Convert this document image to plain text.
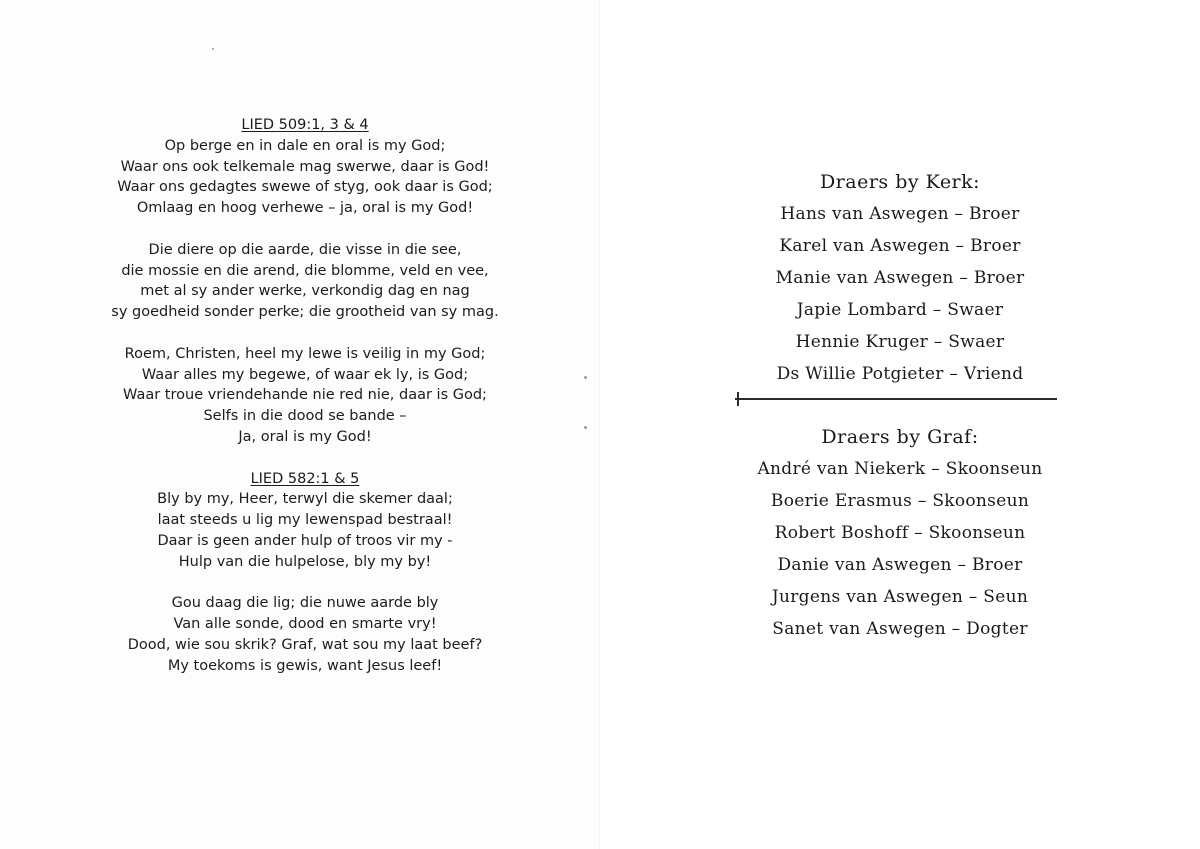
LIED 509:1, 3 & 4
Op berge en in dale en oral is my God;
Waar ons ook telkemale mag swerwe, daar is God!
Waar ons gedagtes swewe of styg, ook daar is God;
Omlaag en hoog verhewe – ja, oral is my God!
Die diere op die aarde, die visse in die see,
die mossie en die arend, die blomme, veld en vee,
met al sy ander werke, verkondig dag en nag
sy goedheid sonder perke; die grootheid van sy mag.
Roem, Christen, heel my lewe is veilig in my God;
Waar alles my begewe, of waar ek ly, is God;
Waar troue vriendehande nie red nie, daar is God;
Selfs in die dood se bande –
Ja, oral is my God!
LIED 582:1 & 5
Bly by my, Heer, terwyl die skemer daal;
laat steeds u lig my lewenspad bestraal!
Daar is geen ander hulp of troos vir my -
Hulp van die hulpelose, bly my by!
Gou daag die lig; die nuwe aarde bly
Van alle sonde, dood en smarte vry!
Dood, wie sou skrik? Graf, wat sou my laat beef?
My toekoms is gewis, want Jesus leef!
Draers by Kerk:
Hans van Aswegen – Broer
Karel van Aswegen – Broer
Manie van Aswegen – Broer
Japie Lombard – Swaer
Hennie Kruger – Swaer
Ds Willie Potgieter – Vriend
Draers by Graf:
André van Niekerk – Skoonseun
Boerie Erasmus – Skoonseun
Robert Boshoff – Skoonseun
Danie van Aswegen – Broer
Jurgens van Aswegen – Seun
Sanet van Aswegen – Dogter
